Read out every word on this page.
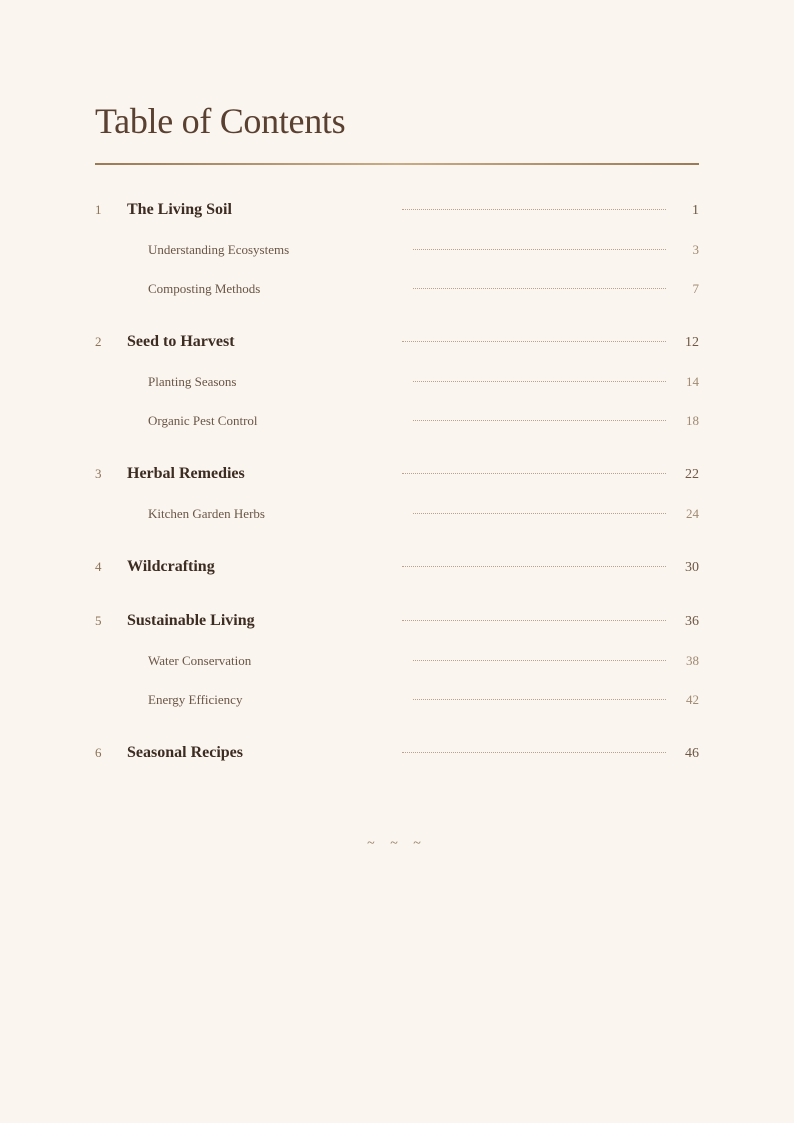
Table of Contents
1	The Living Soil	1
Understanding Ecosystems	3
Composting Methods	7
2	Seed to Harvest	12
Planting Seasons	14
Organic Pest Control	18
3	Herbal Remedies	22
Kitchen Garden Herbs	24
4	Wildcrafting	30
5	Sustainable Living	36
Water Conservation	38
Energy Efficiency	42
6	Seasonal Recipes	46
~ ~ ~
